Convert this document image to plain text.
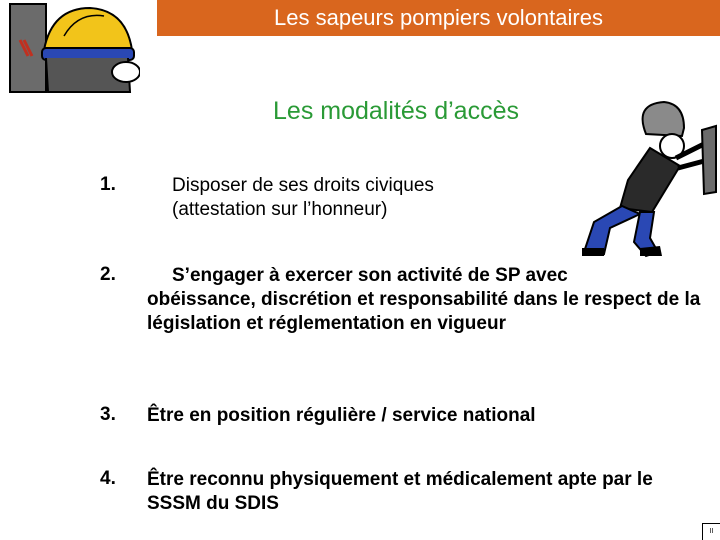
Les sapeurs pompiers volontaires
Les modalités d’accès
1.	Disposer de ses droits civiques
(attestation sur l’honneur)
2.	S’engager à exercer son activité de SP avec
obéissance, discrétion et responsabilité dans le respect de la législation et réglementation en vigueur
3. Être en position régulière / service national
4. Être reconnu physiquement et médicalement apte par le SSSM du SDIS
II
